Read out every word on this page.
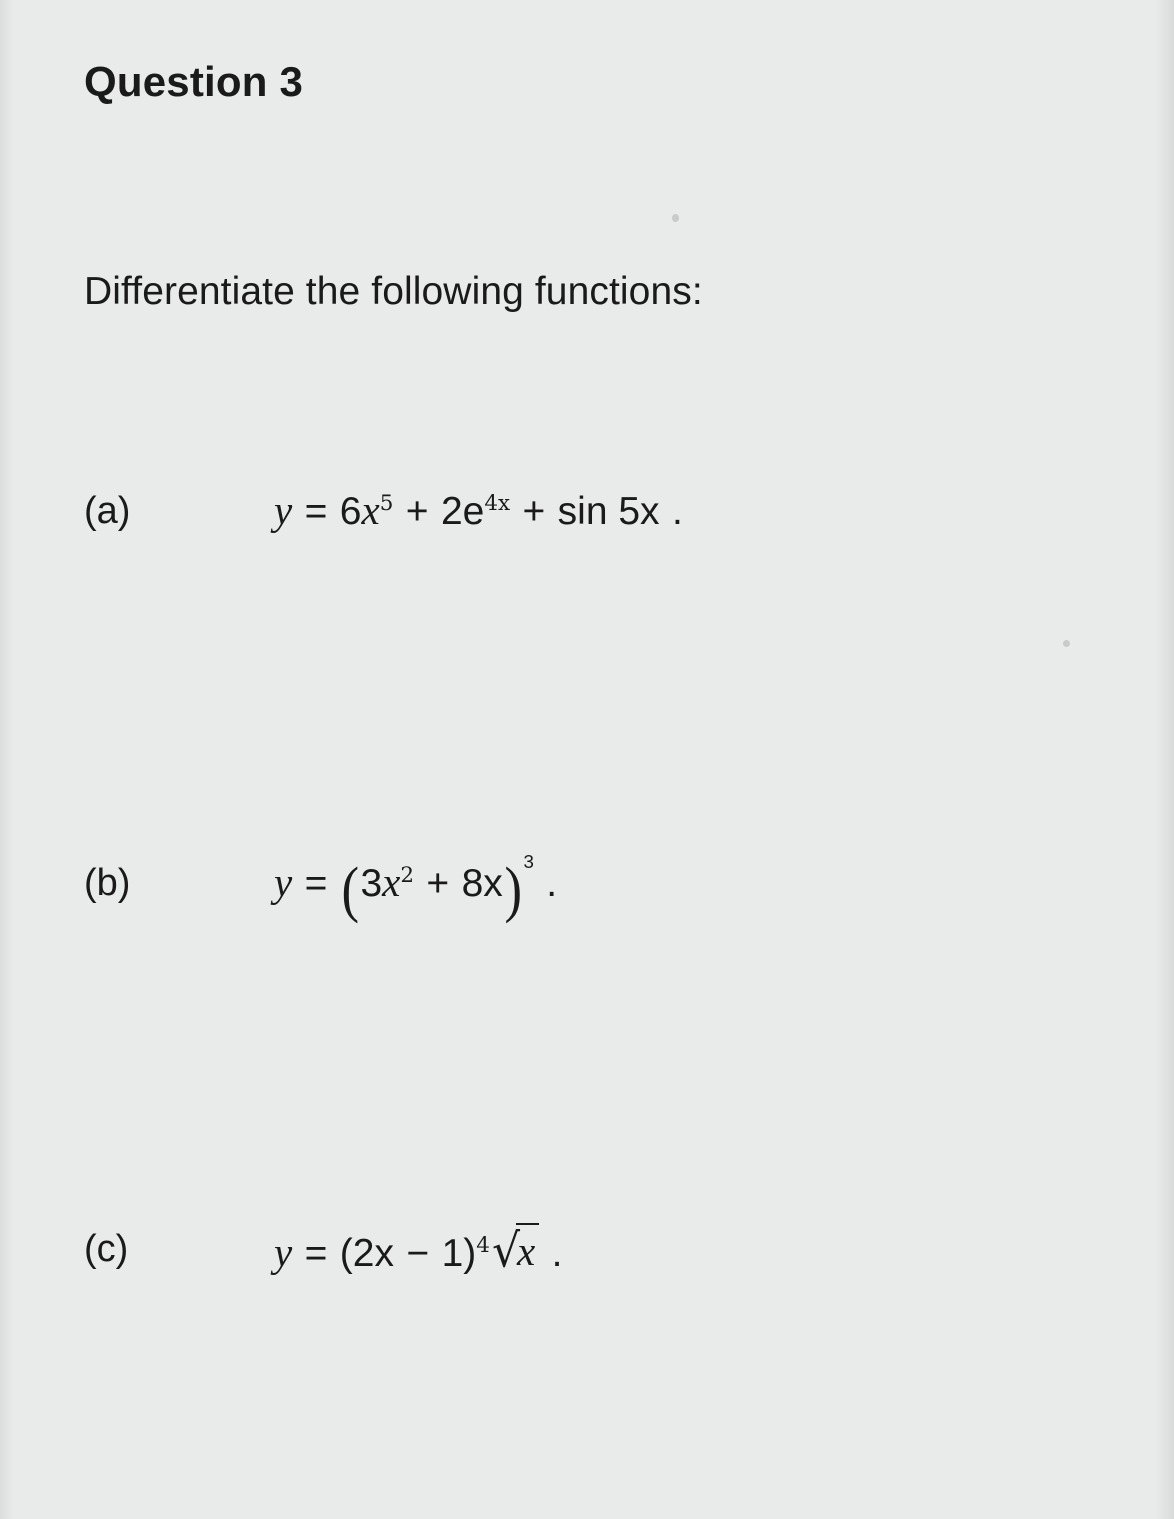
Question 3
Differentiate the following functions:
(a)	$y = 6x^5 + 2e^{4x} + \sin 5x$ .
(b)	$y = (3x^2 + 8x)^3$ .
(c)	$y = (2x - 1)^4√x$ .
